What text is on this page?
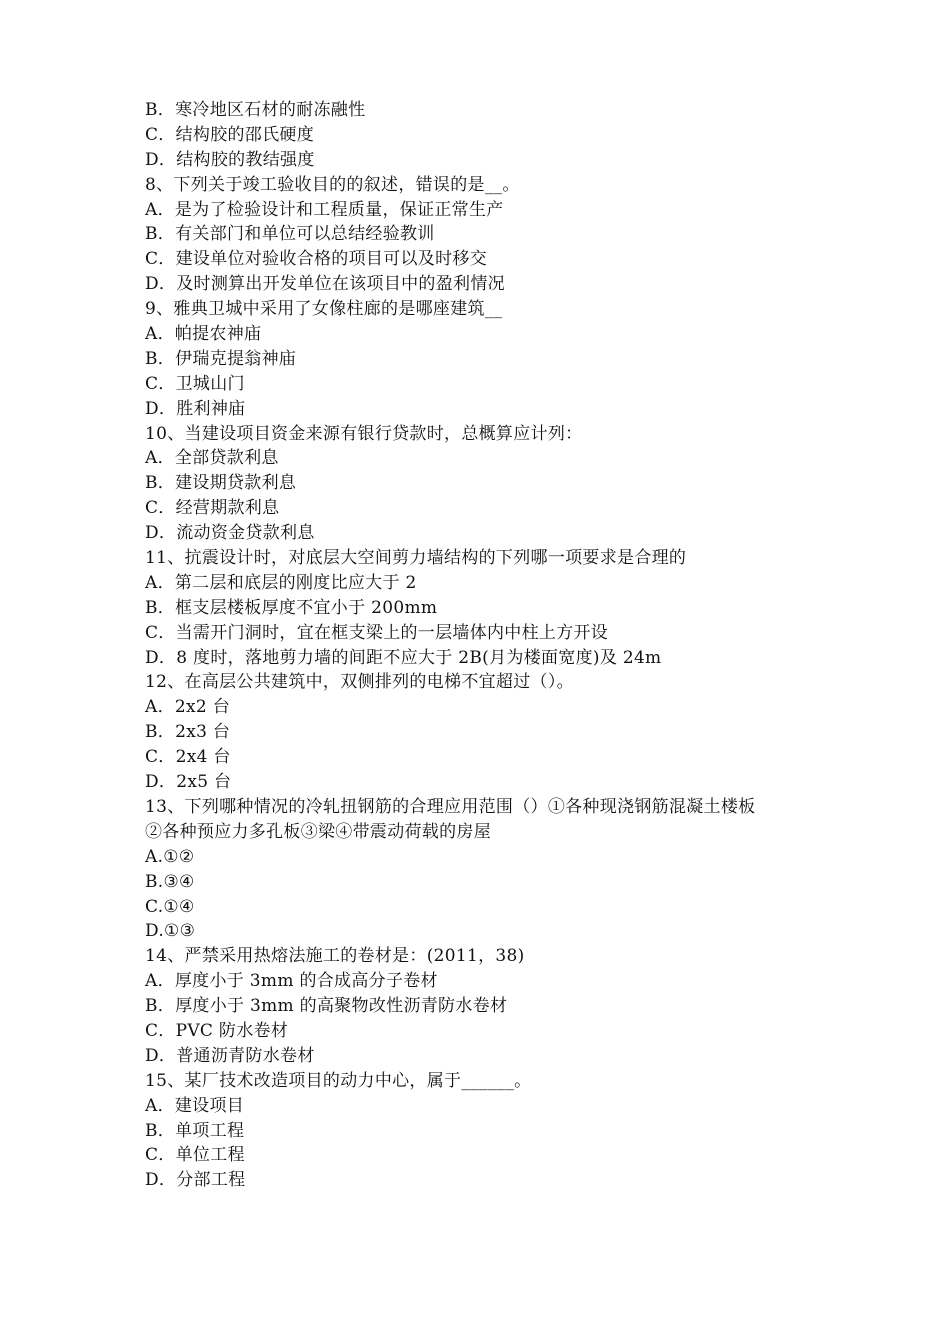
B．寒冷地区石材的耐冻融性
C．结构胶的邵氏硬度
D．结构胶的教结强度
8、下列关于竣工验收目的的叙述，错误的是__。
A．是为了检验设计和工程质量，保证正常生产
B．有关部门和单位可以总结经验教训
C．建设单位对验收合格的项目可以及时移交
D．及时测算出开发单位在该项目中的盈利情况
9、雅典卫城中采用了女像柱廊的是哪座建筑__
A．帕提农神庙
B．伊瑞克提翁神庙
C．卫城山门
D．胜利神庙
10、当建设项目资金来源有银行贷款时，总概算应计列：
A．全部贷款利息
B．建设期贷款利息
C．经营期款利息
D．流动资金贷款利息
11、抗震设计时，对底层大空间剪力墙结构的下列哪一项要求是合理的
A．第二层和底层的刚度比应大于 2
B．框支层楼板厚度不宜小于 200mm
C．当需开门洞时，宜在框支梁上的一层墙体内中柱上方开设
D．8 度时，落地剪力墙的间距不应大于 2B(月为楼面宽度)及 24m
12、在高层公共建筑中，双侧排列的电梯不宜超过（）。
A．2x2 台
B．2x3 台
C．2x4 台
D．2x5 台
13、下列哪种情况的冷轧扭钢筋的合理应用范围（）①各种现浇钢筋混凝土楼板
②各种预应力多孔板③梁④带震动荷载的房屋
A.①②
B.③④
C.①④
D.①③
14、严禁采用热熔法施工的卷材是：(2011，38)
A．厚度小于 3mm 的合成高分子卷材
B．厚度小于 3mm 的高聚物改性沥青防水卷材
C．PVC 防水卷材
D．普通沥青防水卷材
15、某厂技术改造项目的动力中心，属于______。
A．建设项目
B．单项工程
C．单位工程
D．分部工程
